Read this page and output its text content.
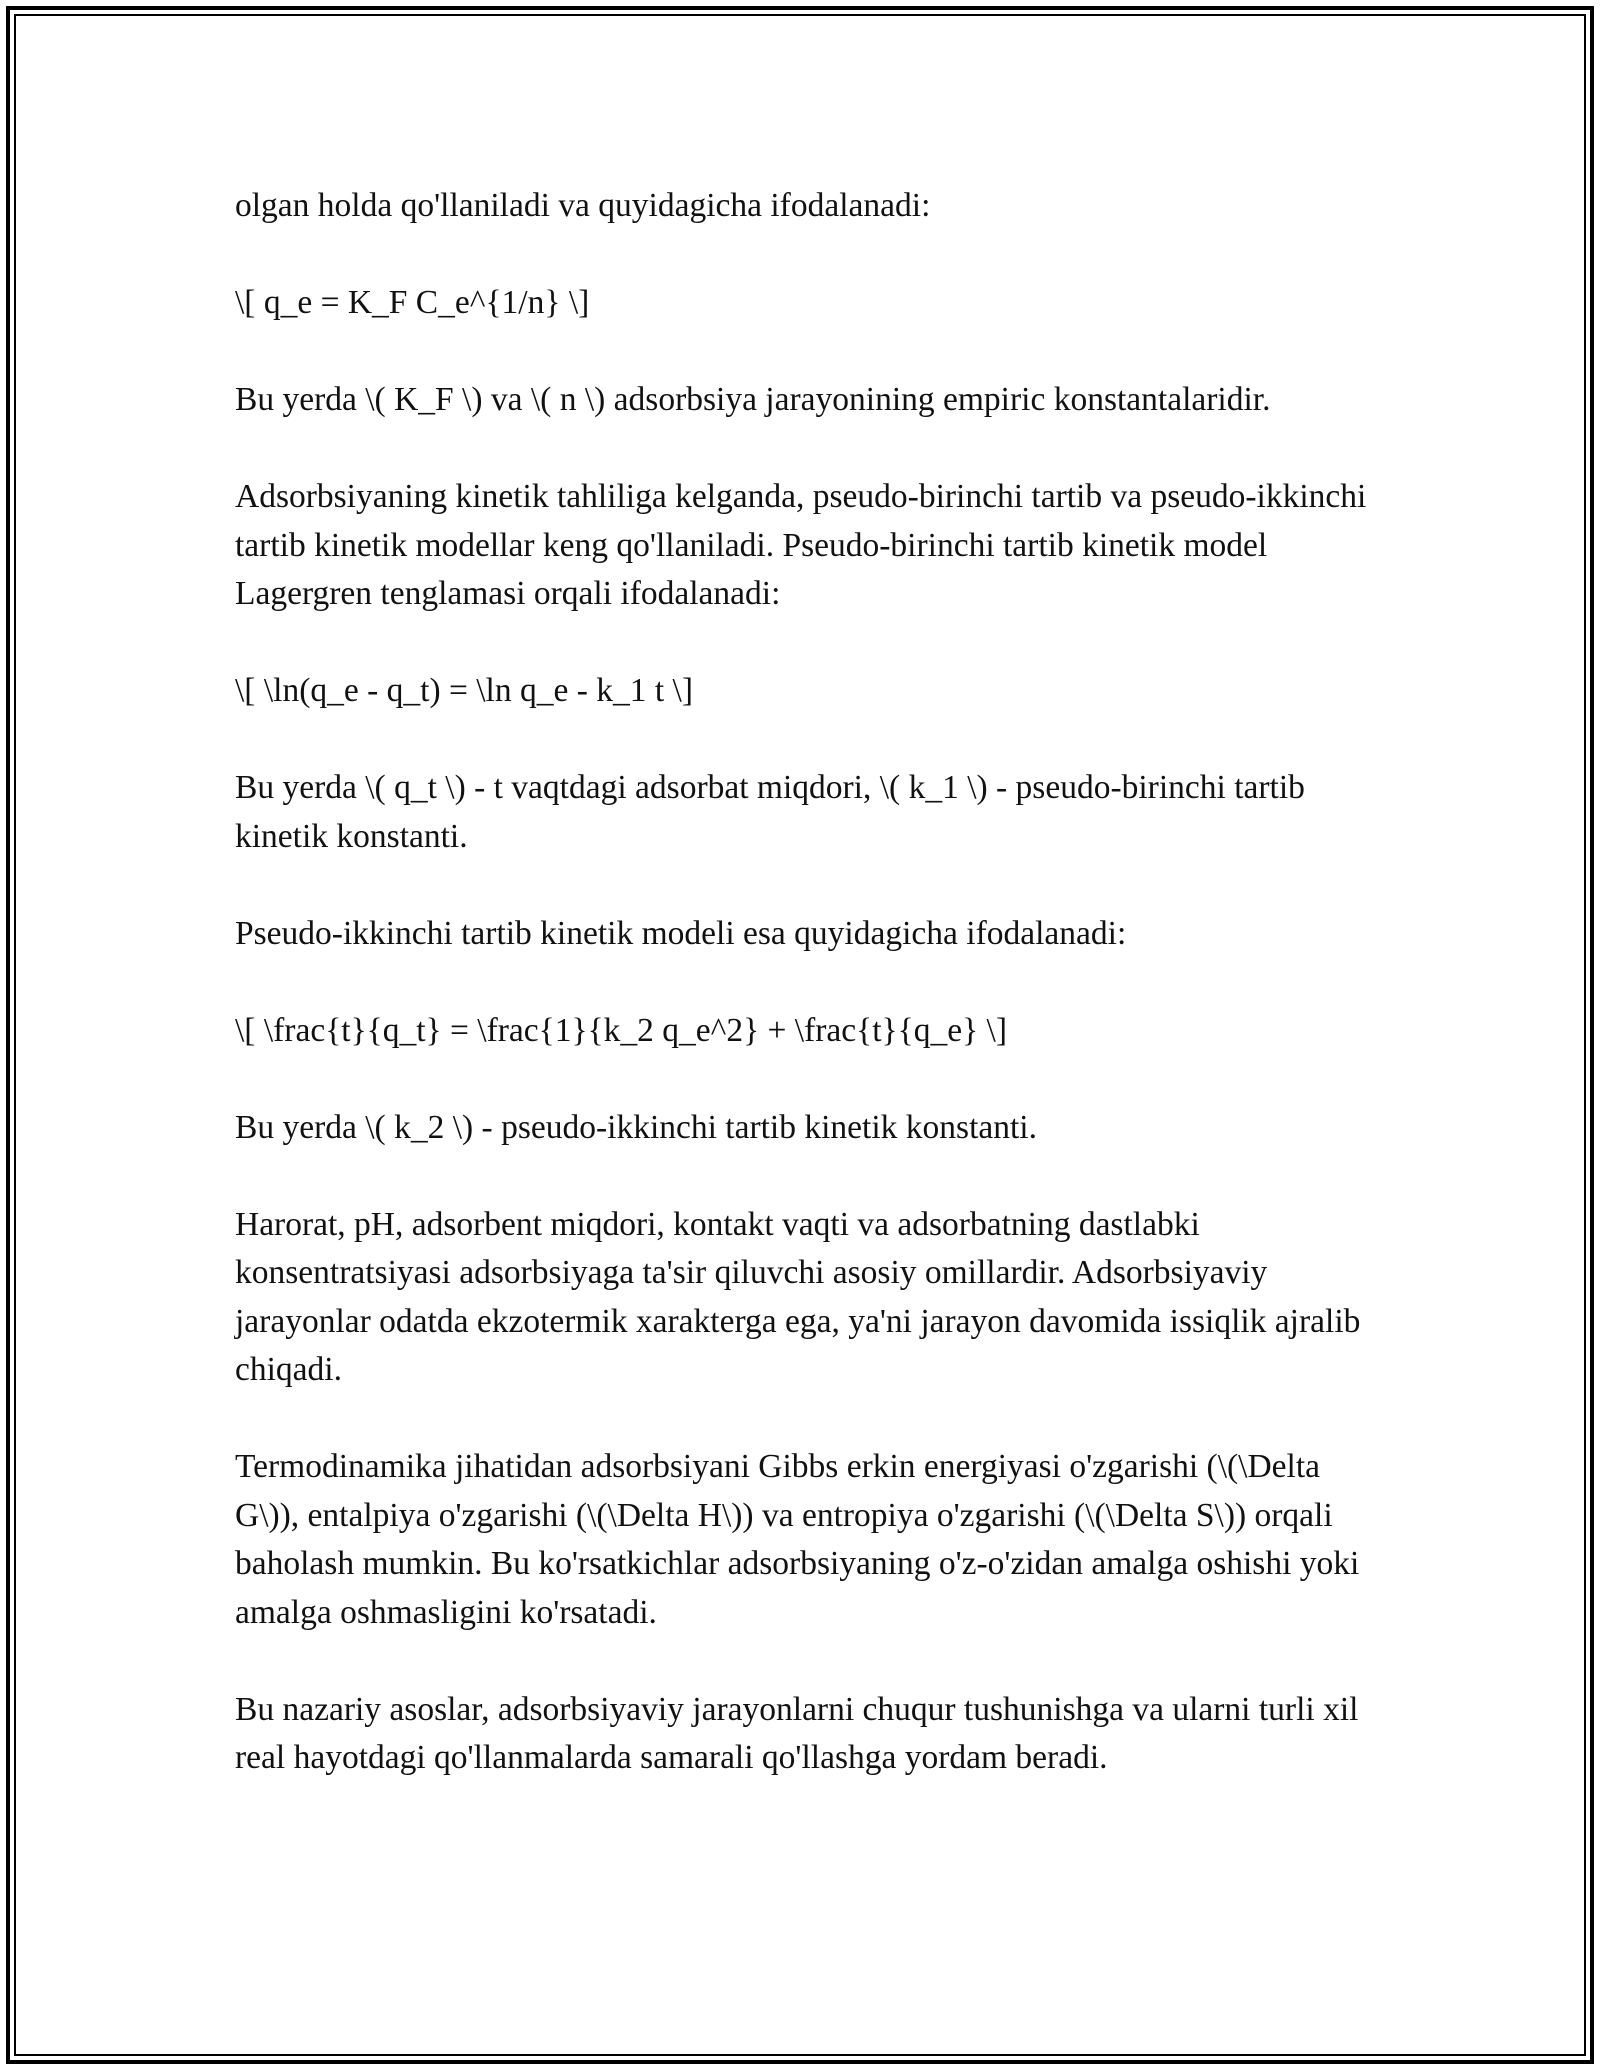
olgan holda qo'llaniladi va quyidagicha ifodalanadi:

\[ q_e = K_F C_e^{1/n} \]

Bu yerda \( K_F \) va \( n \) adsorbsiya jarayonining empiric konstantalaridir.

Adsorbsiyaning kinetik tahliliga kelganda, pseudo-birinchi tartib va pseudo-ikkinchi tartib kinetik modellar keng qo'llaniladi. Pseudo-birinchi tartib kinetik model Lagergren tenglamasi orqali ifodalanadi:

\[ \ln(q_e - q_t) = \ln q_e - k_1 t \]

Bu yerda \( q_t \) - t vaqtdagi adsorbat miqdori, \( k_1 \) - pseudo-birinchi tartib kinetik konstanti.

Pseudo-ikkinchi tartib kinetik modeli esa quyidagicha ifodalanadi:

\[ \frac{t}{q_t} = \frac{1}{k_2 q_e^2} + \frac{t}{q_e} \]

Bu yerda \( k_2 \) - pseudo-ikkinchi tartib kinetik konstanti.

Harorat, pH, adsorbent miqdori, kontakt vaqti va adsorbatning dastlabki konsentratsiyasi adsorbsiyaga ta'sir qiluvchi asosiy omillardir. Adsorbsiyaviy jarayonlar odatda ekzotermik xarakterga ega, ya'ni jarayon davomida issiqlik ajralib chiqadi.

Termodinamika jihatidan adsorbsiyani Gibbs erkin energiyasi o'zgarishi (\(\Delta G\)), entalpiya o'zgarishi (\(\Delta H\)) va entropiya o'zgarishi (\(\Delta S\)) orqali baholash mumkin. Bu ko'rsatkichlar adsorbsiyaning o'z-o'zidan amalga oshishi yoki amalga oshmasligini ko'rsatadi.

Bu nazariy asoslar, adsorbsiyaviy jarayonlarni chuqur tushunishga va ularni turli xil real hayotdagi qo'llanmalarda samarali qo'llashga yordam beradi.
